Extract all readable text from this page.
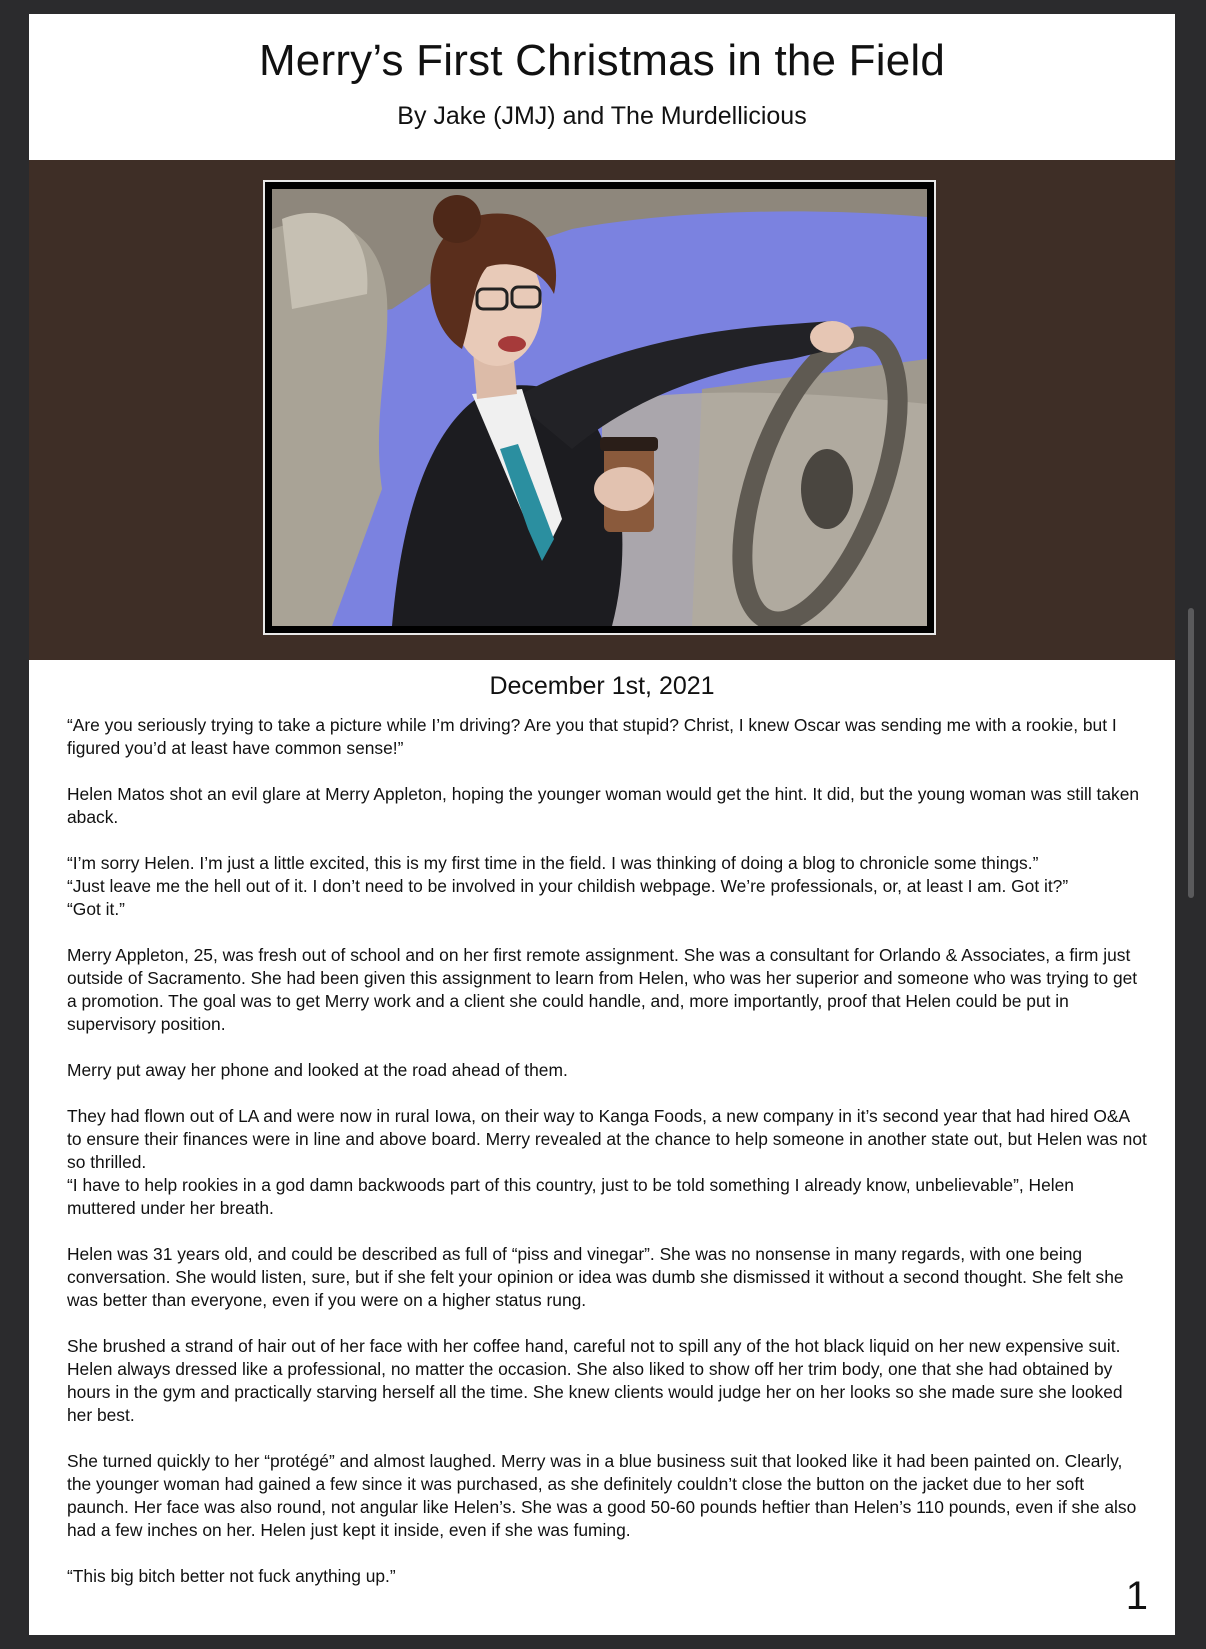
Merry’s First Christmas in the Field
By Jake (JMJ) and The Murdellicious
December 1st, 2021

“Are you seriously trying to take a picture while I’m driving? Are you that stupid? Christ, I knew Oscar was sending me with a rookie, but I figured you’d at least have common sense!”

Helen Matos shot an evil glare at Merry Appleton, hoping the younger woman would get the hint. It did, but the young woman was still taken aback.

“I’m sorry Helen. I’m just a little excited, this is my first time in the field. I was thinking of doing a blog to chronicle some things.”

“Just leave me the hell out of it. I don’t need to be involved in your childish webpage. We’re professionals, or, at least I am. Got it?”

“Got it.”

Merry Appleton, 25, was fresh out of school and on her first remote assignment. She was a consultant for Orlando & Associates, a firm just outside of Sacramento. She had been given this assignment to learn from Helen, who was her superior and someone who was trying to get a promotion. The goal was to get Merry work and a client she could handle, and, more importantly, proof that Helen could be put in supervisory position.

Merry put away her phone and looked at the road ahead of them.

They had flown out of LA and were now in rural Iowa, on their way to Kanga Foods, a new company in it’s second year that had hired O&A to ensure their finances were in line and above board. Merry revealed at the chance to help someone in another state out, but Helen was not so thrilled.

“I have to help rookies in a god damn backwoods part of this country, just to be told something I already know, unbelievable”, Helen muttered under her breath.

Helen was 31 years old, and could be described as full of “piss and vinegar”. She was no nonsense in many regards, with one being conversation. She would listen, sure, but if she felt your opinion or idea was dumb she dismissed it without a second thought. She felt she was better than everyone, even if you were on a higher status rung.

She brushed a strand of hair out of her face with her coffee hand, careful not to spill any of the hot black liquid on her new expensive suit. Helen always dressed like a professional, no matter the occasion. She also liked to show off her trim body, one that she had obtained by hours in the gym and practically starving herself all the time. She knew clients would judge her on her looks so she made sure she looked her best.

She turned quickly to her “protégé” and almost laughed. Merry was in a blue business suit that looked like it had been painted on. Clearly, the younger woman had gained a few since it was purchased, as she definitely couldn’t close the button on the jacket due to her soft paunch. Her face was also round, not angular like Helen’s. She was a good 50-60 pounds heftier than Helen’s 110 pounds, even if she also had a few inches on her. Helen just kept it inside, even if she was fuming.

“This big bitch better not fuck anything up.”	1
